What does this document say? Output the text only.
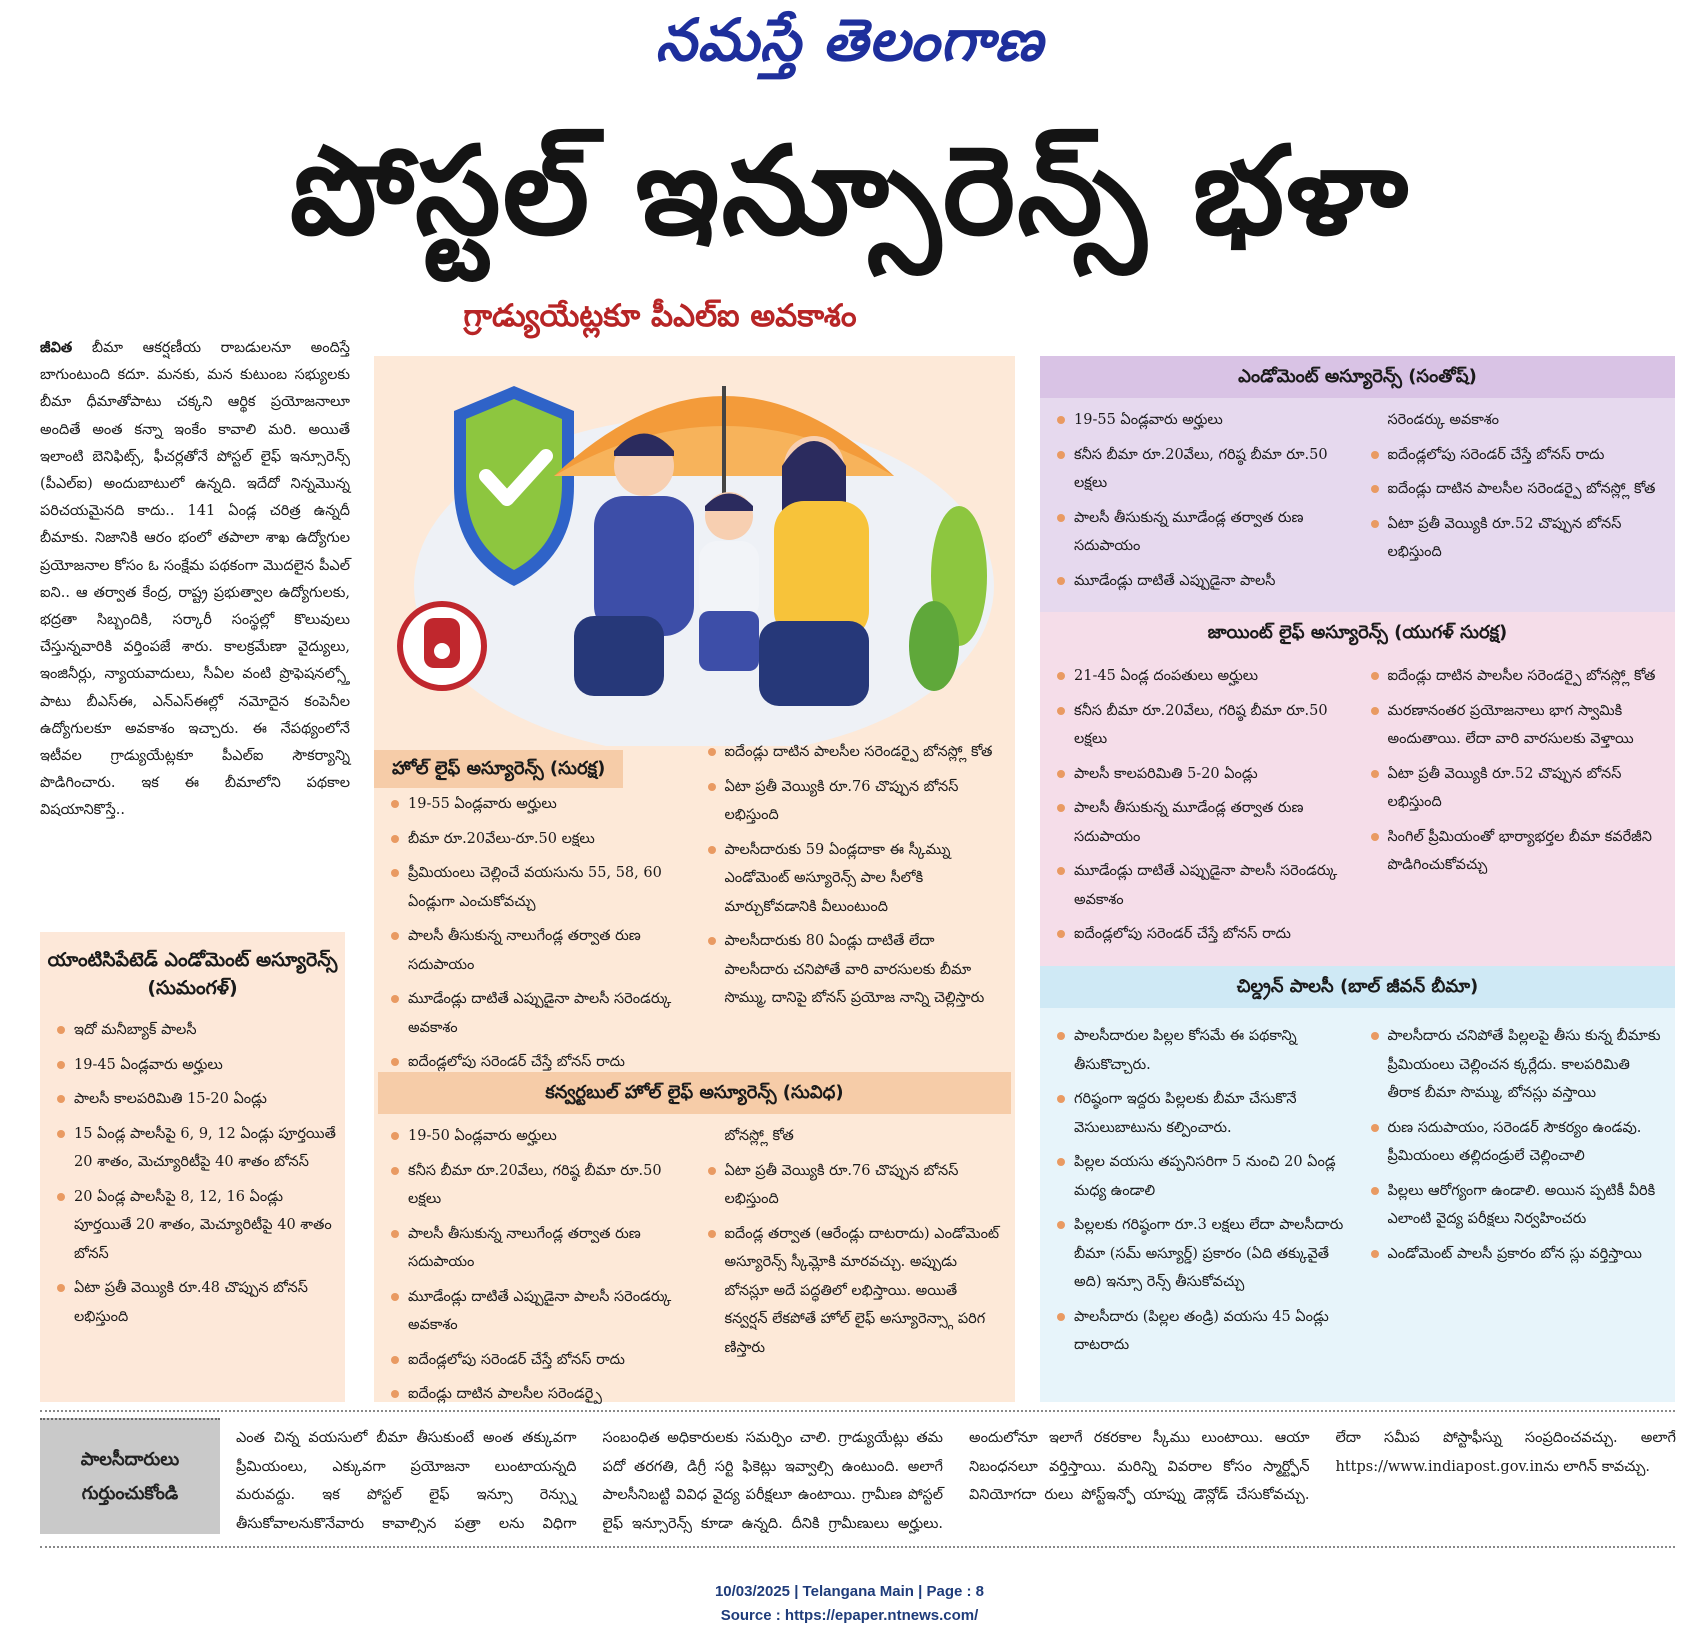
నమస్తే తెలంగాణ
పోస్టల్ ఇన్సూరెన్స్ భళా
గ్రాడ్యుయేట్లకూ పీఎల్ఐ అవకాశం
జీవిత బీమా ఆకర్షణీయ రాబడులనూ అందిస్తే బాగుంటుంది కదూ. మనకు, మన కుటుంబ సభ్యులకు బీమా ధీమాతోపాటు చక్కని ఆర్థిక ప్రయోజనాలూ అందితే అంత కన్నా ఇంకేం కావాలి మరి. అయితే ఇలాంటి బెనిఫిట్స్, ఫీచర్లతోనే పోస్టల్ లైఫ్ ఇన్సూరెన్స్ (పీఎల్ఐ) అందుబాటులో ఉన్నది. ఇదేదో నిన్నమొన్న పరిచయమైనది కాదు.. 141 ఏండ్ల చరిత్ర ఉన్నదీ బీమాకు. నిజానికి ఆరం భంలో తపాలా శాఖ ఉద్యోగుల ప్రయోజనాల కోసం ఓ సంక్షేమ పథకంగా మొదలైన పీఎల్ ఐని.. ఆ తర్వాత కేంద్ర, రాష్ట్ర ప్రభుత్వాల ఉద్యోగులకు, భద్రతా సిబ్బందికి, సర్కారీ సంస్థల్లో కొలువులు చేస్తున్నవారికి వర్తింపజే శారు. కాలక్రమేణా వైద్యులు, ఇంజినీర్లు, న్యాయవాదులు, సీఏల వంటి ప్రొఫెషనల్స్తో పాటు బీఎస్ఈ, ఎన్ఎస్ఈల్లో నమోదైన కంపెనీల ఉద్యోగులకూ అవకాశం ఇచ్చారు. ఈ నేపథ్యంలోనే ఇటీవల గ్రాడ్యుయేట్లకూ పీఎల్ఐ సౌకర్యాన్ని పొడిగించారు. ఇక ఈ బీమాలోని పథకాల విషయానికొస్తే..
యాంటిసిపేటెడ్ ఎండోమెంట్ అస్యూరెన్స్ (సుమంగళ్)
ఇదో మనీబ్యాక్ పాలసీ
19-45 ఏండ్లవారు అర్హులు
పాలసీ కాలపరిమితి 15-20 ఏండ్లు
15 ఏండ్ల పాలసీపై 6, 9, 12 ఏండ్లు పూర్తయితే 20 శాతం, మెచ్యూరిటీపై 40 శాతం బోనస్
20 ఏండ్ల పాలసీపై 8, 12, 16 ఏండ్లు పూర్తయితే 20 శాతం, మెచ్యూరిటీపై 40 శాతం బోనస్
ఏటా ప్రతీ వెయ్యికి రూ.48 చొప్పున బోనస్ లభిస్తుంది
హోల్ లైఫ్ అస్యూరెన్స్ (సురక్ష)
19-55 ఏండ్లవారు అర్హులు
బీమా రూ.20వేలు-రూ.50 లక్షలు
ప్రీమియంలు చెల్లించే వయసును 55, 58, 60 ఏండ్లుగా ఎంచుకోవచ్చు
పాలసీ తీసుకున్న నాలుగేండ్ల తర్వాత రుణ సదుపాయం
మూడేండ్లు దాటితే ఎప్పుడైనా పాలసీ సరెండర్కు అవకాశం
ఐదేండ్లలోపు సరెండర్ చేస్తే బోనస్ రాదు
ఐదేండ్లు దాటిన పాలసీల సరెండర్పై బోనస్ల్లో కోత
ఏటా ప్రతీ వెయ్యికి రూ.76 చొప్పున బోనస్ లభిస్తుంది
పాలసీదారుకు 59 ఏండ్లదాకా ఈ స్కీమ్ను ఎండోమెంట్ అస్యూరెన్స్ పాల సీలోకి మార్చుకోవడానికి వీలుంటుంది
పాలసీదారుకు 80 ఏండ్లు దాటితే లేదా పాలసీదారు చనిపోతే వారి వారసులకు బీమా సొమ్ము, దానిపై బోనస్ ప్రయోజ నాన్ని చెల్లిస్తారు
కన్వర్టబుల్ హోల్ లైఫ్ అస్యూరెన్స్ (సువిధ)
19-50 ఏండ్లవారు అర్హులు
కనీస బీమా రూ.20వేలు, గరిష్ఠ బీమా రూ.50 లక్షలు
పాలసీ తీసుకున్న నాలుగేండ్ల తర్వాత రుణ సదుపాయం
మూడేండ్లు దాటితే ఎప్పుడైనా పాలసీ సరెండర్కు అవకాశం
ఐదేండ్లలోపు సరెండర్ చేస్తే బోనస్ రాదు
ఐదేండ్లు దాటిన పాలసీల సరెండర్పై
బోనస్ల్లో కోత
ఏటా ప్రతీ వెయ్యికి రూ.76 చొప్పున బోనస్ లభిస్తుంది
ఐదేండ్ల తర్వాత (ఆరేండ్లు దాటరాదు) ఎండోమెంట్ అస్యూరెన్స్ స్కీమ్లోకి మారవచ్చు. అప్పుడు బోనస్లూ అదే పద్ధతిలో లభిస్తాయి. అయితే కన్వర్షన్ లేకపోతే హోల్ లైఫ్ అస్యూరెన్స్గా పరిగ ణిస్తారు
ఎండోమెంట్ అస్యూరెన్స్ (సంతోష్)
19-55 ఏండ్లవారు అర్హులు
కనీస బీమా రూ.20వేలు, గరిష్ఠ బీమా రూ.50 లక్షలు
పాలసీ తీసుకున్న మూడేండ్ల తర్వాత రుణ సదుపాయం
మూడేండ్లు దాటితే ఎప్పుడైనా పాలసీ
సరెండర్కు అవకాశం
ఐదేండ్లలోపు సరెండర్ చేస్తే బోనస్ రాదు
ఐదేండ్లు దాటిన పాలసీల సరెండర్పై బోనస్ల్లో కోత
ఏటా ప్రతీ వెయ్యికి రూ.52 చొప్పున బోనస్ లభిస్తుంది
జాయింట్ లైఫ్ అస్యూరెన్స్ (యుగళ్ సురక్ష)
21-45 ఏండ్ల దంపతులు అర్హులు
కనీస బీమా రూ.20వేలు, గరిష్ఠ బీమా రూ.50 లక్షలు
పాలసీ కాలపరిమితి 5-20 ఏండ్లు
పాలసీ తీసుకున్న మూడేండ్ల తర్వాత రుణ సదుపాయం
మూడేండ్లు దాటితే ఎప్పుడైనా పాలసీ సరెండర్కు అవకాశం
ఐదేండ్లలోపు సరెండర్ చేస్తే బోనస్ రాదు
ఐదేండ్లు దాటిన పాలసీల సరెండర్పై బోనస్ల్లో కోత
మరణానంతర ప్రయోజనాలు భాగ స్వామికి అందుతాయి. లేదా వారి వారసులకు వెళ్తాయి
ఏటా ప్రతీ వెయ్యికి రూ.52 చొప్పున బోనస్ లభిస్తుంది
సింగిల్ ప్రీమియంతో భార్యాభర్తల బీమా కవరేజీని పొడిగించుకోవచ్చు
చిల్డ్రన్ పాలసీ (బాల్ జీవన్ బీమా)
పాలసీదారుల పిల్లల కోసమే ఈ పథకాన్ని తీసుకొచ్చారు.
గరిష్ఠంగా ఇద్దరు పిల్లలకు బీమా చేసుకొనే వెసులుబాటును కల్పించారు.
పిల్లల వయసు తప్పనిసరిగా 5 నుంచి 20 ఏండ్ల మధ్య ఉండాలి
పిల్లలకు గరిష్ఠంగా రూ.3 లక్షలు లేదా పాలసీదారు బీమా (సమ్ అస్యూర్డ్) ప్రకారం (ఏది తక్కువైతే అది) ఇన్సూ రెన్స్ తీసుకోవచ్చు
పాలసీదారు (పిల్లల తండ్రి) వయసు 45 ఏండ్లు దాటరాదు
పాలసీదారు చనిపోతే పిల్లలపై తీసు కున్న బీమాకు ప్రీమియంలు చెల్లించన క్కర్లేదు. కాలపరిమితి తీరాక బీమా సొమ్ము, బోనస్లు వస్తాయి
రుణ సదుపాయం, సరెండర్ సౌకర్యం ఉండవు. ప్రీమియంలు తల్లిదండ్రులే చెల్లించాలి
పిల్లలు ఆరోగ్యంగా ఉండాలి. అయిన ప్పటికీ వీరికి ఎలాంటి వైద్య పరీక్షలు నిర్వహించరు
ఎండోమెంట్ పాలసీ ప్రకారం బోన స్లు వర్తిస్తాయి
పాలసీదారులు గుర్తుంచుకోండి
ఎంత చిన్న వయసులో బీమా తీసుకుంటే అంత తక్కువగా ప్రీమియంలు, ఎక్కువగా ప్రయోజనా లుంటాయన్నది మరువద్దు. ఇక పోస్టల్ లైఫ్ ఇన్సూ రెన్స్ను తీసుకోవాలనుకొనేవారు కావాల్సిన పత్రా లను విధిగా సంబంధిత అధికారులకు సమర్పిం చాలి. గ్రాడ్యుయేట్లు తమ పదో తరగతి, డిగ్రీ సర్టి ఫికెట్లు ఇవ్వాల్సి ఉంటుంది. అలాగే పాలసీనిబట్టి వివిధ వైద్య పరీక్షలూ ఉంటాయి. గ్రామీణ పోస్టల్ లైఫ్ ఇన్సూరెన్స్ కూడా ఉన్నది. దీనికి గ్రామీణులు అర్హులు. అందులోనూ ఇలాగే రకరకాల స్కీము లుంటాయి. ఆయా నిబంధనలూ వర్తిస్తాయి. మరిన్ని వివరాల కోసం స్మార్ట్ఫోన్ వినియోగదా రులు పోస్ట్ఇన్ఫో యాప్ను డౌన్లోడ్ చేసుకోవచ్చు. లేదా సమీప పోస్టాఫీస్ను సంప్రదించవచ్చు. అలాగే https://www.indiapost.gov.inను లాగిన్ కావచ్చు.
10/03/2025 | Telangana Main | Page : 8
Source : https://epaper.ntnews.com/
